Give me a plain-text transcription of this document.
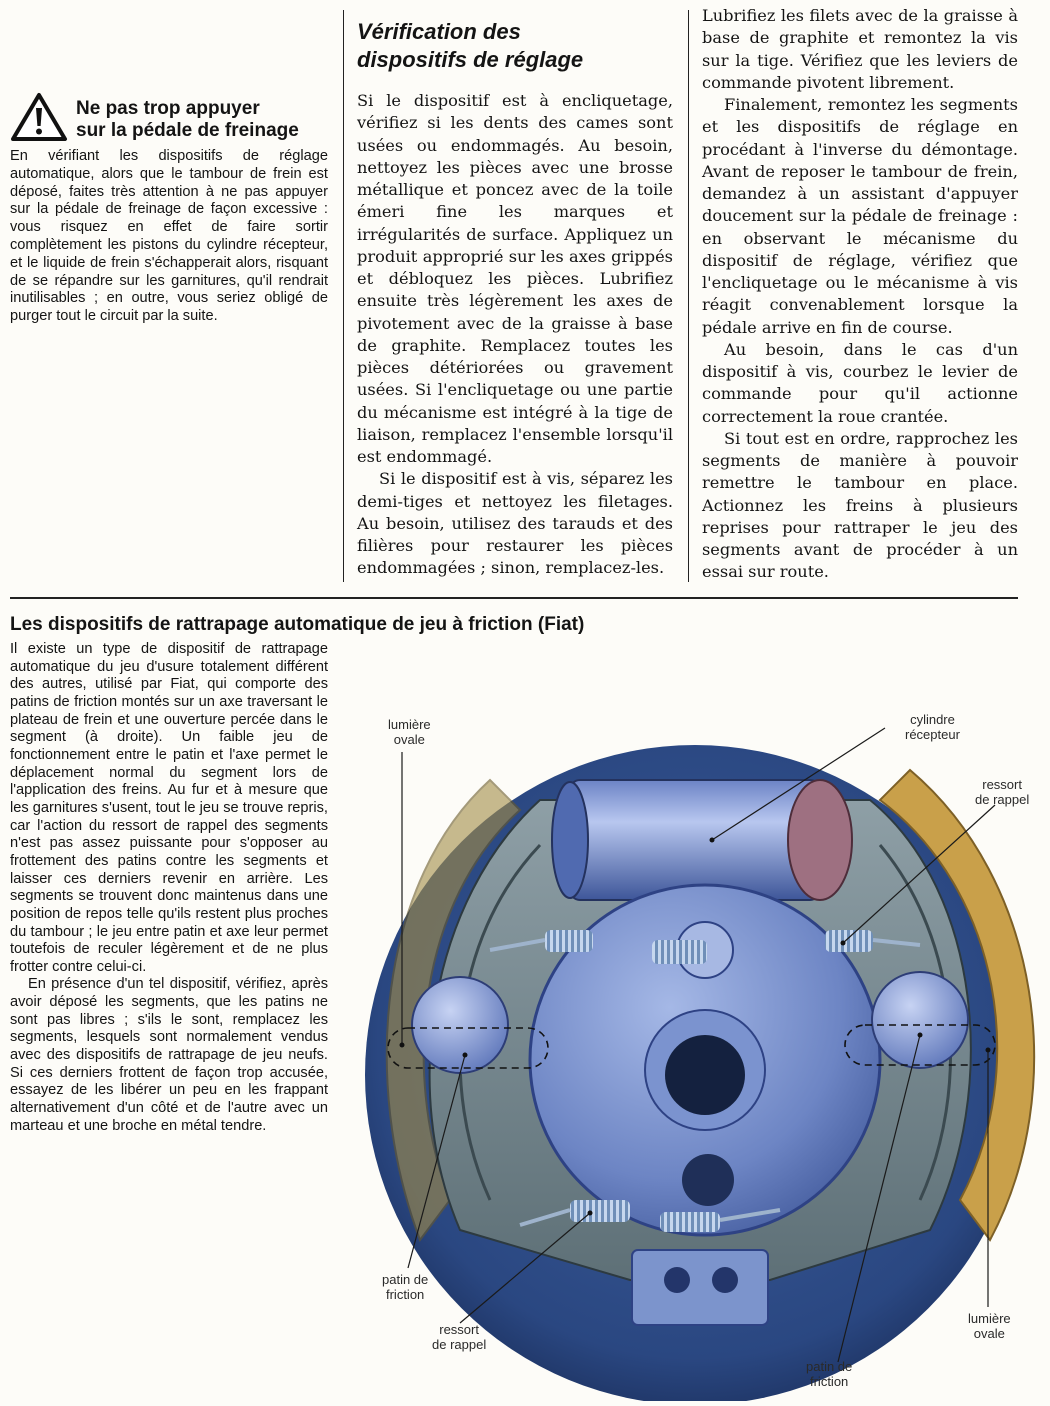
Ne pas trop appuyer
sur la pédale de freinage

En vérifiant les dispositifs de réglage automatique, alors que le tambour de frein est déposé, faites très attention à ne pas appuyer sur la pédale de freinage de façon excessive : vous risquez en effet de faire sortir complètement les pistons du cylindre récepteur, et le liquide de frein s'échapperait alors, risquant de se répandre sur les garnitures, qu'il rendrait inutilisables ; en outre, vous seriez obligé de purger tout le circuit par la suite.

Vérification des
dispositifs de réglage

Si le dispositif est à encliquetage, vérifiez si les dents des cames sont usées ou endommagés. Au besoin, nettoyez les pièces avec une brosse métallique et poncez avec de la toile émeri fine les marques et irrégularités de surface. Appliquez un produit approprié sur les axes grippés et débloquez les pièces. Lubrifiez ensuite très légèrement les axes de pivotement avec de la graisse à base de graphite. Remplacez toutes les pièces détériorées ou gravement usées. Si l'encliquetage ou une partie du mécanisme est intégré à la tige de liaison, remplacez l'ensemble lorsqu'il est endommagé.

Si le dispositif est à vis, séparez les demi-tiges et nettoyez les filetages. Au besoin, utilisez des tarauds et des filières pour restaurer les pièces endommagées ; sinon, remplacez-les.

Lubrifiez les filets avec de la graisse à base de graphite et remontez la vis sur la tige. Vérifiez que les leviers de commande pivotent librement.

Finalement, remontez les segments et les dispositifs de réglage en procédant à l'inverse du démontage. Avant de reposer le tambour de frein, demandez à un assistant d'appuyer doucement sur la pédale de freinage : en observant le mécanisme du dispositif de réglage, vérifiez que l'encliquetage ou le mécanisme à vis réagit convenablement lorsque la pédale arrive en fin de course.

Au besoin, dans le cas d'un dispositif à vis, courbez le levier de commande pour qu'il actionne correctement la roue crantée.

Si tout est en ordre, rapprochez les segments de manière à pouvoir remettre le tambour en place. Actionnez les freins à plusieurs reprises pour rattraper le jeu des segments avant de procéder à un essai sur route.

Les dispositifs de rattrapage automatique de jeu à friction (Fiat)

Il existe un type de dispositif de rattrapage automatique du jeu d'usure totalement différent des autres, utilisé par Fiat, qui comporte des patins de friction montés sur un axe traversant le plateau de frein et une ouverture percée dans le segment (à droite). Un faible jeu de fonctionnement entre le patin et l'axe permet le déplacement normal du segment lors de l'application des freins. Au fur et à mesure que les garnitures s'usent, tout le jeu se trouve repris, car l'action du ressort de rappel des segments n'est pas assez puissante pour s'opposer au frottement des patins contre les segments et laisser ces derniers revenir en arrière. Les segments se trouvent donc maintenus dans une position de repos telle qu'ils restent plus proches du tambour ; le jeu entre patin et axe leur permet toutefois de reculer légèrement et de ne plus frotter contre celui-ci.

En présence d'un tel dispositif, vérifiez, après avoir déposé les segments, que les patins ne sont pas libres ; s'ils le sont, remplacez les segments, lesquels sont normalement vendus avec des dispositifs de rattrapage de jeu neufs. Si ces derniers frottent de façon trop accusée, essayez de les libérer un peu en les frappant alternativement d'un côté et de l'autre avec un marteau et une broche en métal tendre.

lumière
ovale
cylindre
récepteur
ressort
de rappel
patin de
friction
ressort
de rappel
lumière
ovale
patin de
friction
